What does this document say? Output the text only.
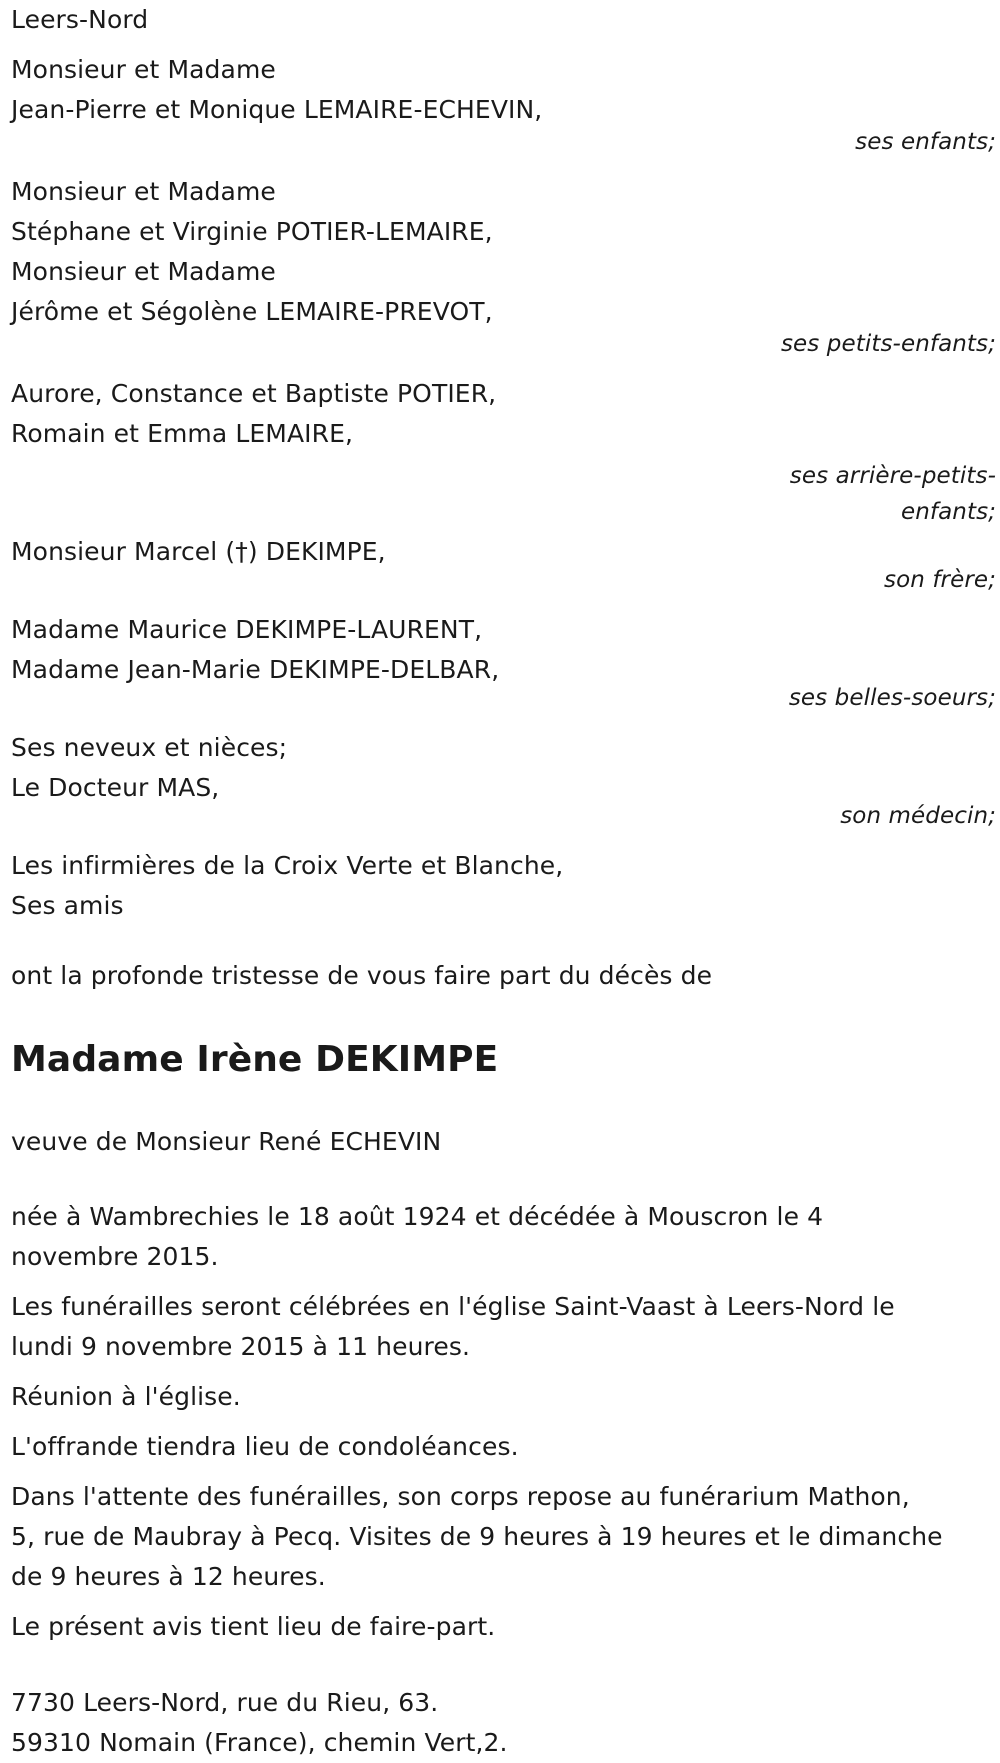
Leers-Nord
Monsieur et Madame
Jean-Pierre et Monique LEMAIRE-ECHEVIN,
ses enfants;
Monsieur et Madame
Stéphane et Virginie POTIER-LEMAIRE,
Monsieur et Madame
Jérôme et Ségolène LEMAIRE-PREVOT,
ses petits-enfants;
Aurore, Constance et Baptiste POTIER,
Romain et Emma LEMAIRE,
ses arrière-petits-
enfants;
Monsieur Marcel (†) DEKIMPE,
son frère;
Madame Maurice DEKIMPE-LAURENT,
Madame Jean-Marie DEKIMPE-DELBAR,
ses belles-soeurs;
Ses neveux et nièces;
Le Docteur MAS,
son médecin;
Les infirmières de la Croix Verte et Blanche,
Ses amis
ont la profonde tristesse de vous faire part du décès de
Madame Irène DEKIMPE
veuve de Monsieur René ECHEVIN
née à Wambrechies le 18 août 1924 et décédée à Mouscron le 4
novembre 2015.
Les funérailles seront célébrées en l'église Saint-Vaast à Leers-Nord le
lundi 9 novembre 2015 à 11 heures.
Réunion à l'église.
L'offrande tiendra lieu de condoléances.
Dans l'attente des funérailles, son corps repose au funérarium Mathon,
5, rue de Maubray à Pecq. Visites de 9 heures à 19 heures et le dimanche
de 9 heures à 12 heures.
Le présent avis tient lieu de faire-part.
7730 Leers-Nord, rue du Rieu, 63.
59310 Nomain (France), chemin Vert,2.
